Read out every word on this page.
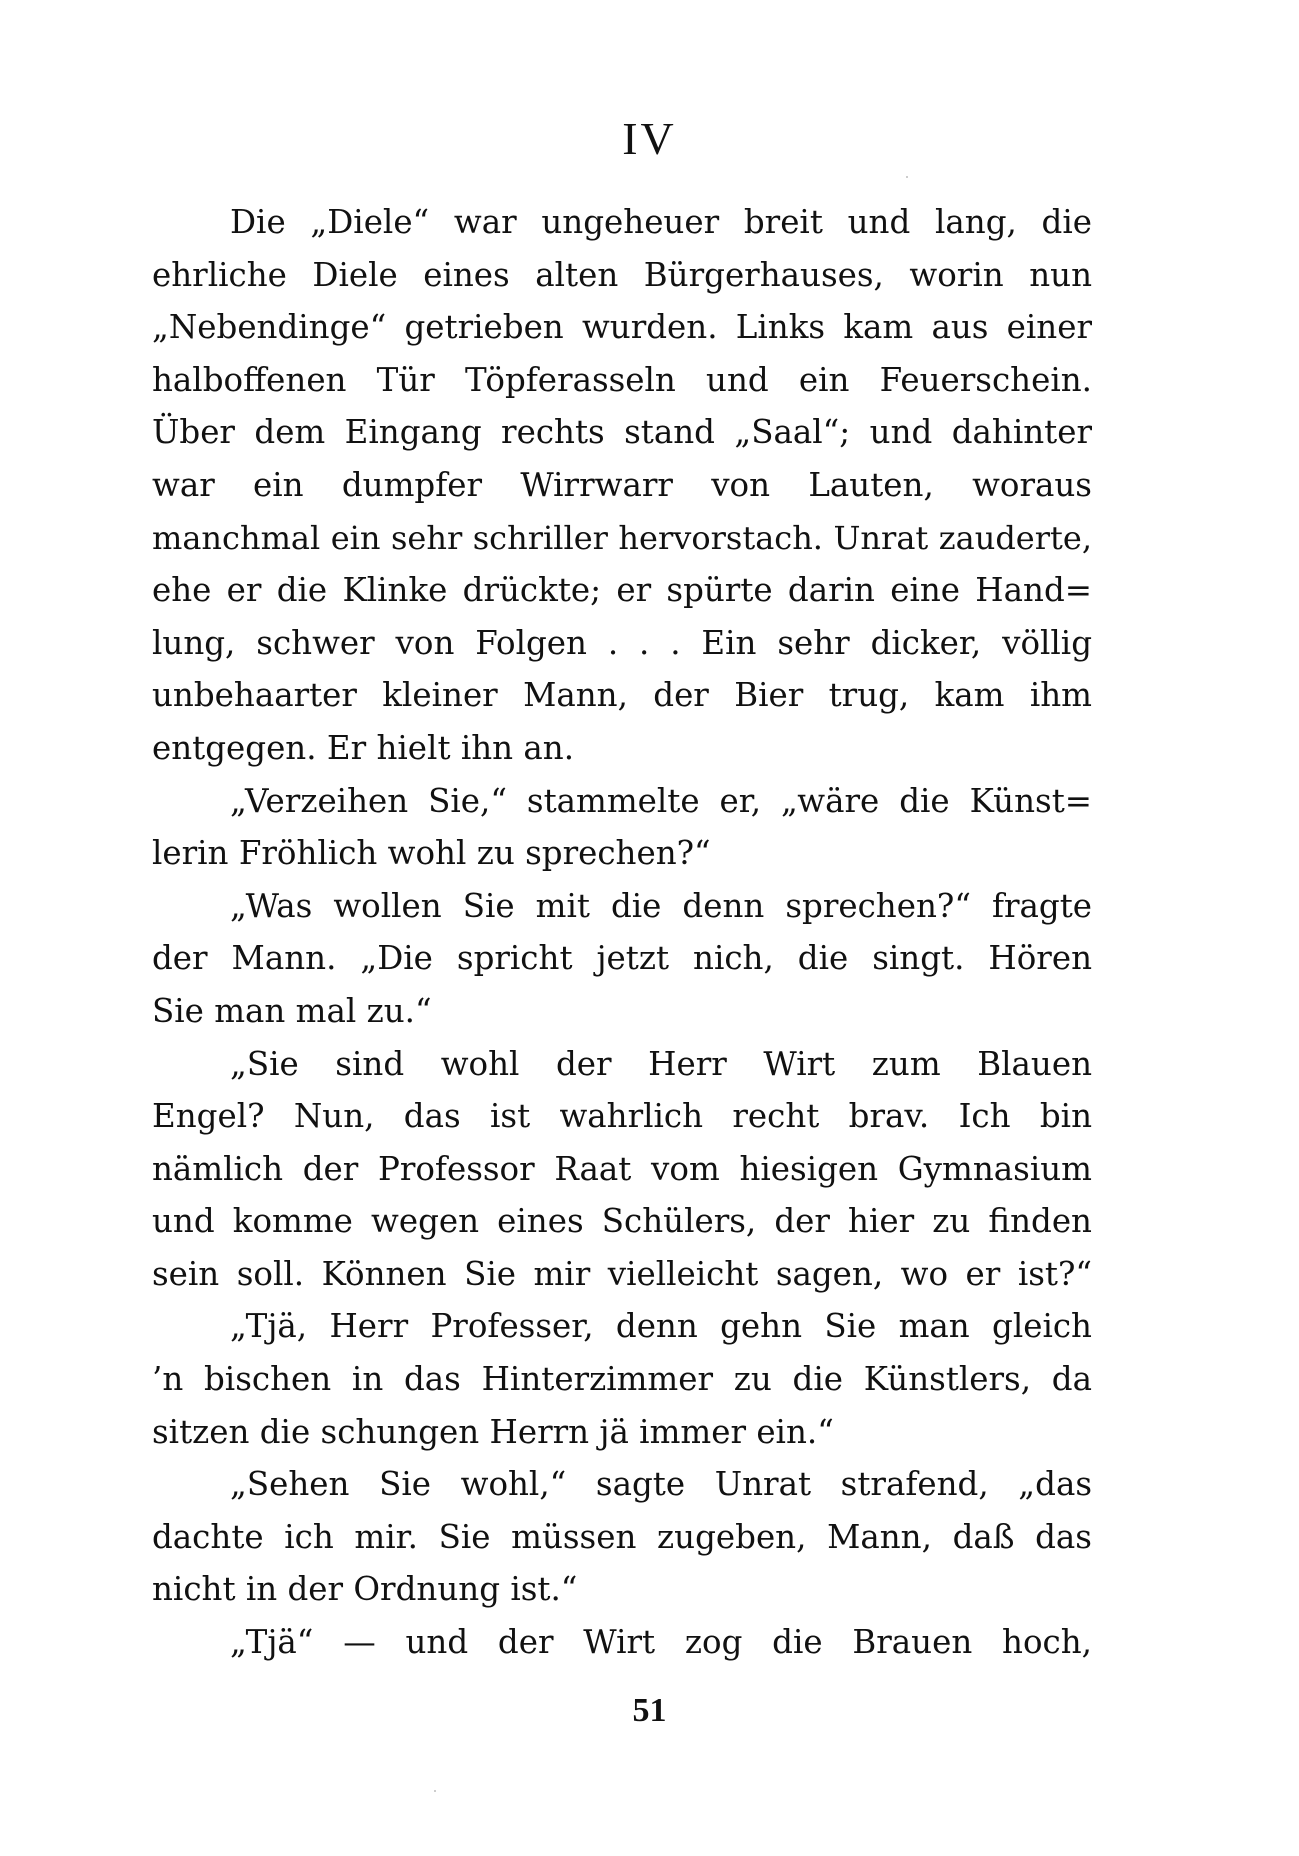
IV
Die „Diele“ war ungeheuer breit und lang, die
ehrliche Diele eines alten Bürgerhauses, worin nun
„Nebendinge“ getrieben wurden. Links kam aus einer
halboffenen Tür Töpferasseln und ein Feuerschein.
Über dem Eingang rechts stand „Saal“; und dahinter
war ein dumpfer Wirrwarr von Lauten, woraus
manchmal ein sehr schriller hervorstach. Unrat zauderte,
ehe er die Klinke drückte; er spürte darin eine Hand=
lung, schwer von Folgen . . . Ein sehr dicker, völlig
unbehaarter kleiner Mann, der Bier trug, kam ihm
entgegen. Er hielt ihn an.
„Verzeihen Sie,“ stammelte er, „wäre die Künst=
lerin Fröhlich wohl zu sprechen?“
„Was wollen Sie mit die denn sprechen?“ fragte
der Mann. „Die spricht jetzt nich, die singt. Hören
Sie man mal zu.“
„Sie sind wohl der Herr Wirt zum Blauen
Engel? Nun, das ist wahrlich recht brav. Ich bin
nämlich der Professor Raat vom hiesigen Gymnasium
und komme wegen eines Schülers, der hier zu finden
sein soll. Können Sie mir vielleicht sagen, wo er ist?“
„Tjä, Herr Professer, denn gehn Sie man gleich
’n bischen in das Hinterzimmer zu die Künstlers, da
sitzen die schungen Herrn jä immer ein.“
„Sehen Sie wohl,“ sagte Unrat strafend, „das
dachte ich mir. Sie müssen zugeben, Mann, daß das
nicht in der Ordnung ist.“
„Tjä“ — und der Wirt zog die Brauen hoch,
51
